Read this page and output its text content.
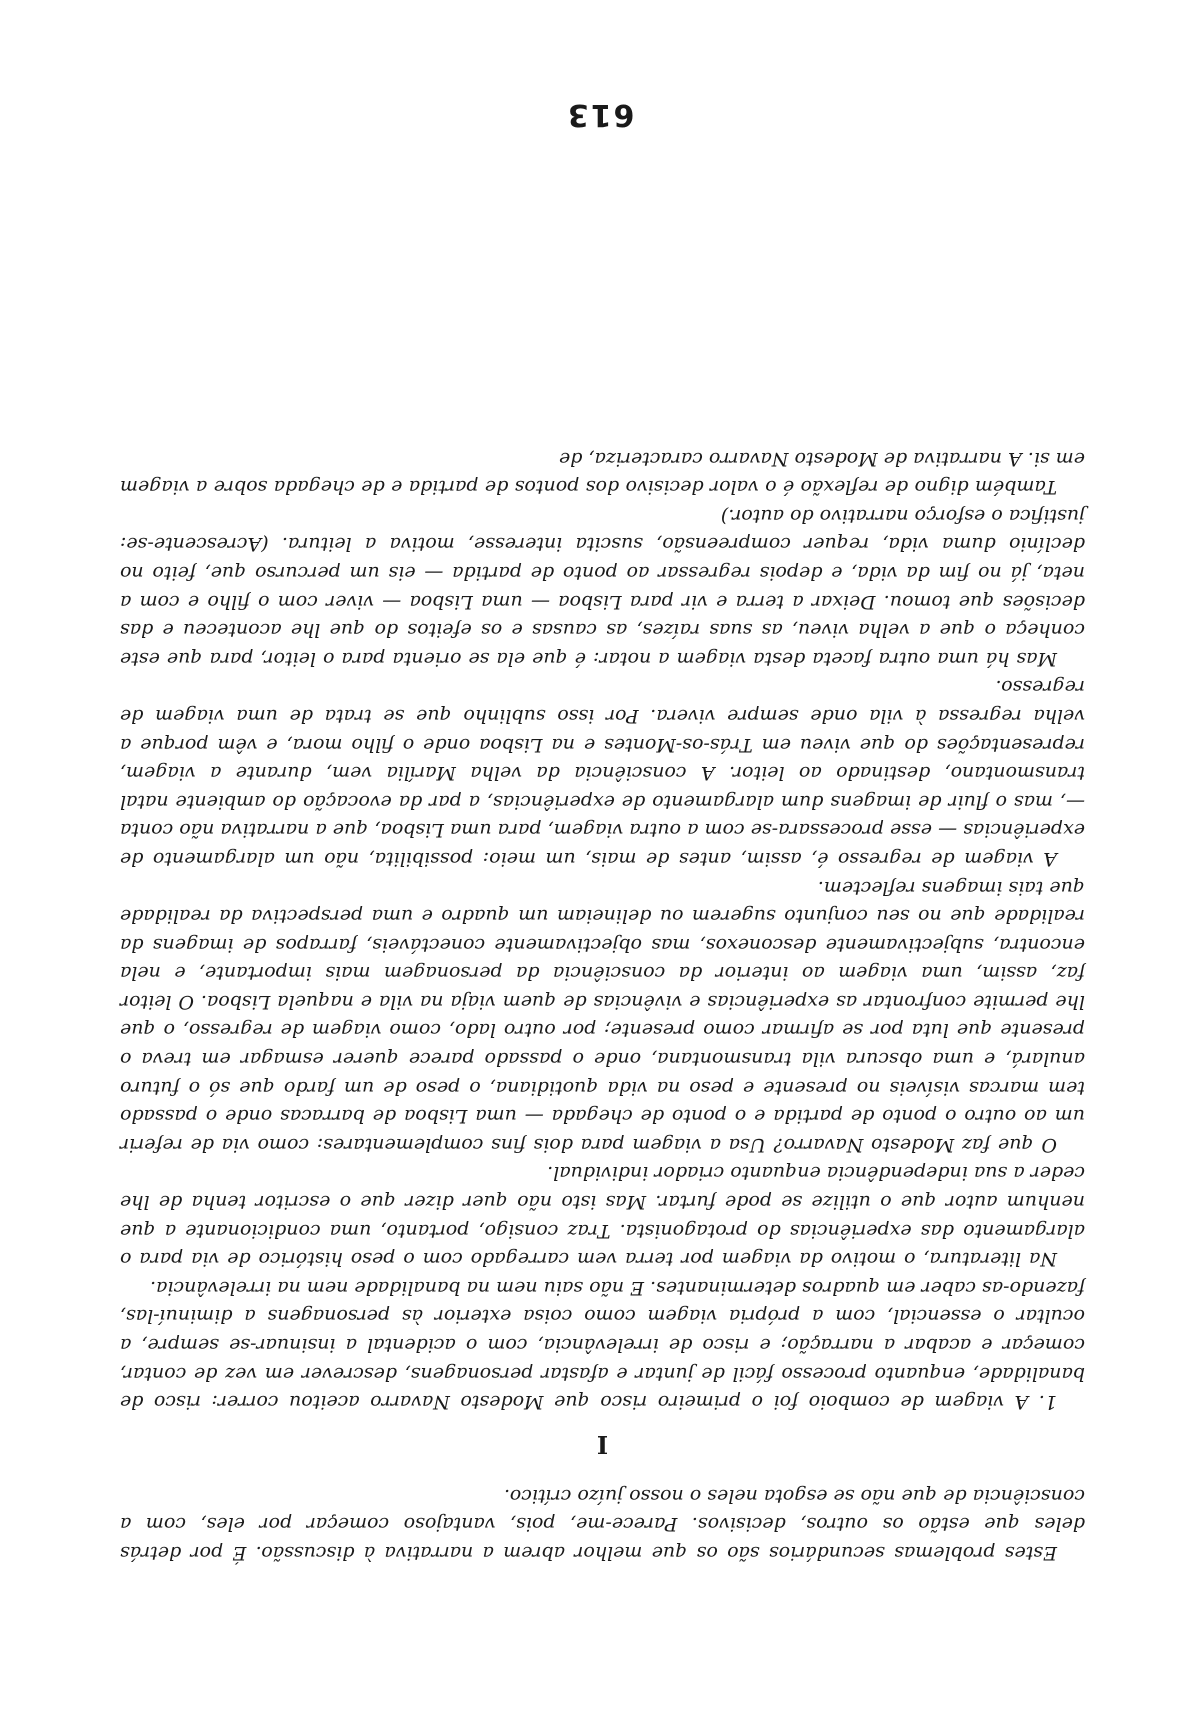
Estes problemas secundários são os que melhor abrem a narrativa à discussão. É por detrás deles que estão os outros, decisivos. Parece-me, pois, vantajoso começar por eles, com a consciência de que não se esgota neles o nosso juízo crítico.

I

1. A viagem de comboio foi o primeiro risco que Modesto Navarro aceitou correr: risco de banalidade, enquanto processo fácil de juntar e afastar personagens, descrever em vez de contar, começar e acabar a narração; e risco de irrelevância, com o acidental a insinuar-se sempre, a ocultar o essencial, com a própria viagem como coisa exterior às personagens a diminuí-las, fazendo-as caber em quadros determinantes. E não saiu nem na banalidade nem na irrelevância.

Na literatura, o motivo da viagem por terra vem carregado com o peso histórico de via para o alargamento das experiências do protagonista. Traz consigo, portanto, uma condicionante a que nenhum autor que o utilize se pode furtar. Mas isto não quer dizer que o escritor tenha de lhe ceder a sua independência enquanto criador individual.

O que faz Modesto Navarro? Usa a viagem para dois fins complementares: como via de referir um ao outro o ponto de partida e o ponto de chegada — uma Lisboa de barracas onde o passado tem marcas visíveis no presente e peso na vida quotidiana, o peso de um fardo que só o futuro anulará, e uma obscura vila transmontana, onde o passado parece querer esmagar em treva o presente que luta por se afirmar como presente; por outro lado, como viagem de regresso, o que lhe permite confrontar as experiências e vivências de quem viaja na vila e naquela Lisboa. O leitor faz, assim, uma viagem ao interior da consciência da personagem mais importante, e nela encontra, subjectivamente desconexos, mas objectivamente conectáveis, farrapos de imagens da realidade que no seu conjunto sugerem ou delineiam um quadro e uma perspectiva da realidade que tais imagens reflectem.

A viagem de regresso é, assim, antes de mais, um meio: possibilita, não um alargamento de experiências — esse processara-se com a outra viagem, para uma Lisboa, que a narrativa não conta —, mas o fluir de imagens dum alargamento de experiências, a par da evocação do ambiente natal transmontano, destinado ao leitor. A consciência da velha Marília vem, durante a viagem, representações do que viveu em Trás-os-Montes e na Lisboa onde o filho mora, e vêm porque a velha regressa à vila onde sempre vivera. Por isso sublinho que se trata de uma viagem de regresso.

Mas há uma outra faceta desta viagem a notar: é que ela se orienta para o leitor, para que este conheça o que a velha viveu, as suas raízes, as causas e os efeitos do que lhe aconteceu e das decisões que tomou. Deixar a terra e vir para Lisboa — uma Lisboa — viver com o filho e com a neta, já no fim da vida, e depois regressar ao ponto de partida — eis um percurso que, feito no declínio duma vida, requer compreensão, suscita interesse, motiva a leitura. (Acrescente-se: justifica o esforço narrativo do autor.)

Também digno de reflexão é o valor decisivo dos pontos de partida e de chegada sobre a viagem em si. A narrativa de Modesto Navarro caracteriza, de

613
